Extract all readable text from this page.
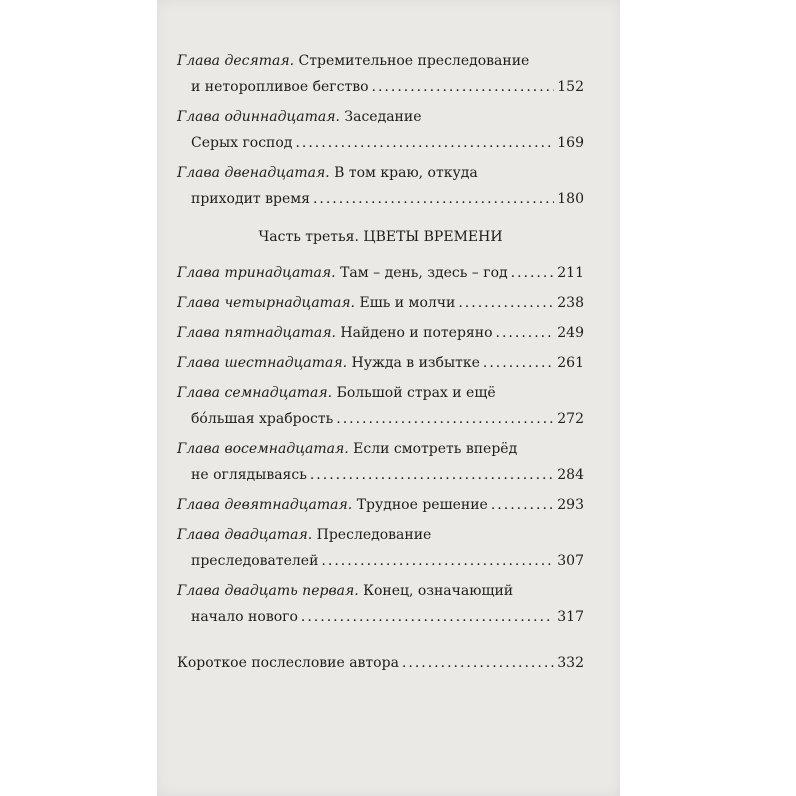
Глава десятая. Стремительное преследование
и неторопливое бегство .....	152
Глава одиннадцатая. Заседание
Серых господ .....	169
Глава двенадцатая. В том краю, откуда
приходит время .....	180
Часть третья. ЦВЕТЫ ВРЕМЕНИ
Глава тринадцатая.
Там – день, здесь – год .....	211
Глава четырнадцатая.
Ешь и молчи .....	238
Глава пятнадцатая.
Найдено и потеряно .....	249
Глава шестнадцатая.
Нужда в избытке .....	261
Глава семнадцатая. Большой страх и ещё
бóльшая храбрость .....	272
Глава восемнадцатая. Если смотреть вперёд
не оглядываясь .....	284
Глава девятнадцатая.
Трудное решение .....	293
Глава двадцатая. Преследование
преследователей .....	307
Глава двадцать первая. Конец, означающий
начало нового .....	317
Короткое послесловие автора .....	332
